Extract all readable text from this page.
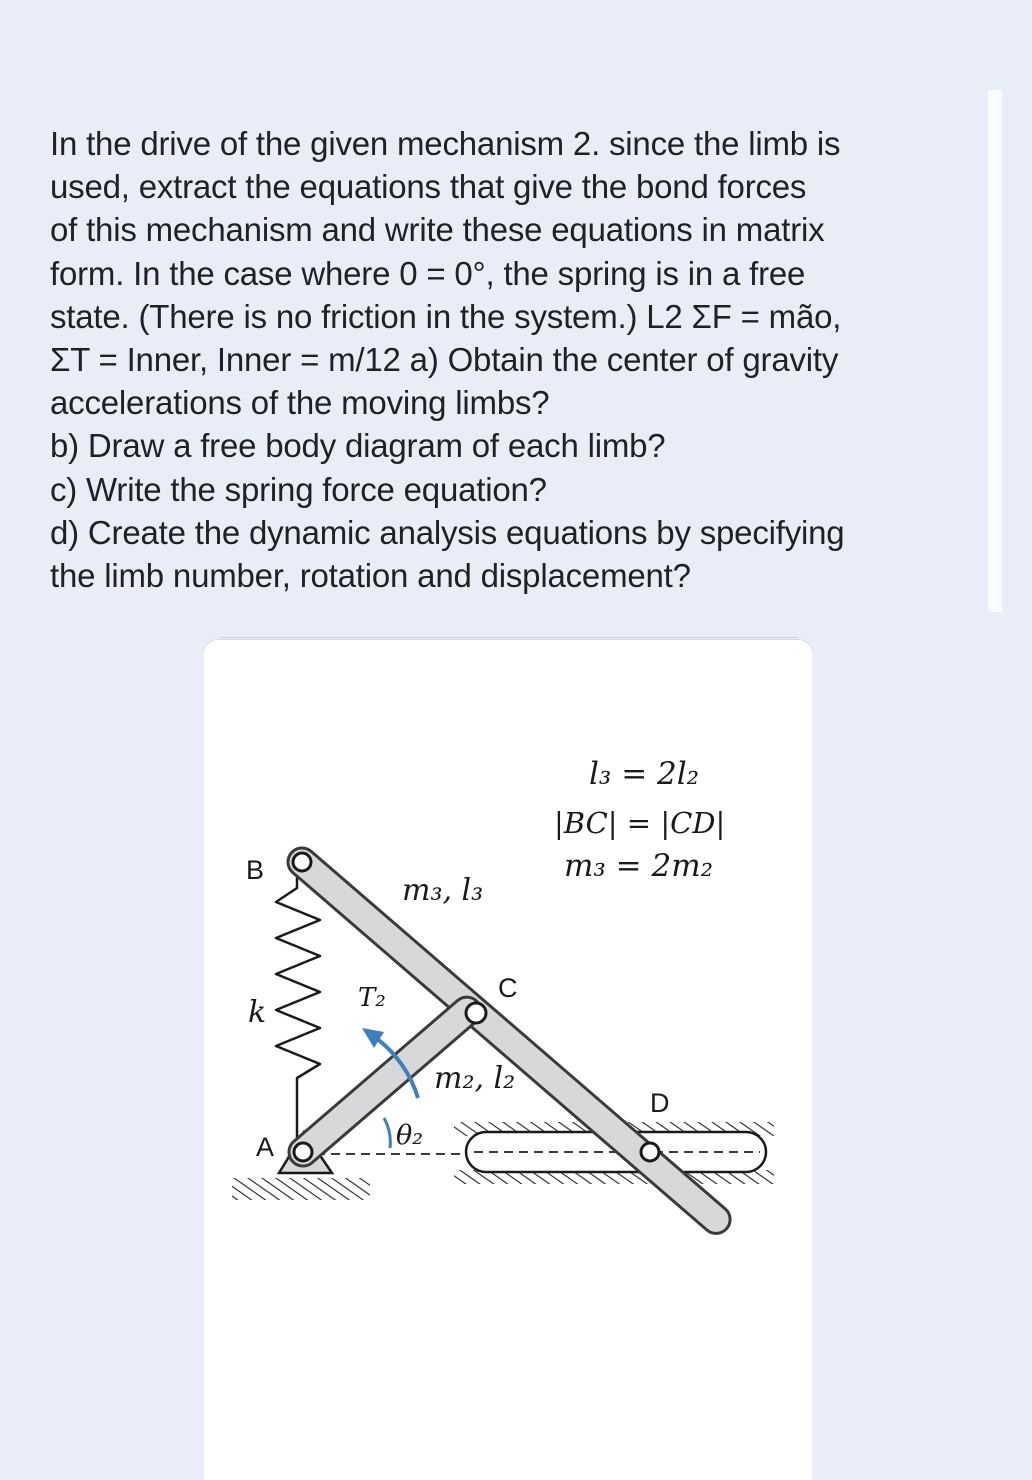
In the drive of the given mechanism 2. since the limb is

used, extract the equations that give the bond forces

of this mechanism and write these equations in matrix

form. In the case where 0 = 0°, the spring is in a free

state. (There is no friction in the system.) L2 ΣF = mão,

ΣT = Inner, Inner = m/12 a) Obtain the center of gravity

accelerations of the moving limbs?

b) Draw a free body diagram of each limb?

c) Write the spring force equation?

d) Create the dynamic analysis equations by specifying

the limb number, rotation and displacement?

l₃ = 2l₂
|BC| = |CD|
m₃ = 2m₂
B
m₃, l₃
C
k	T₂
m₂, l₂
D
θ₂
A
